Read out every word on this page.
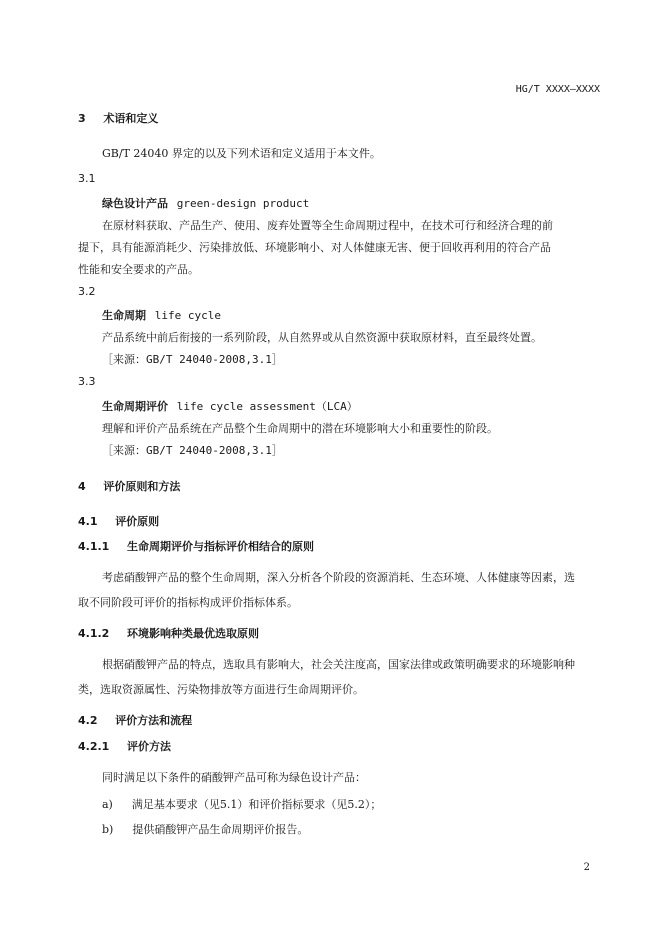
HG/T XXXX—XXXX
3 术语和定义
GB/T 24040 界定的以及下列术语和定义适用于本文件。
3.1
绿色设计产品 green-design product
在原材料获取、产品生产、使用、废弃处置等全生命周期过程中，在技术可行和经济合理的前
提下，具有能源消耗少、污染排放低、环境影响小、对人体健康无害、便于回收再利用的符合产品
性能和安全要求的产品。
3.2
生命周期 life cycle
产品系统中前后衔接的一系列阶段，从自然界或从自然资源中获取原材料，直至最终处置。
［来源：GB/T 24040-2008,3.1］
3.3
生命周期评价 life cycle assessment（LCA）
理解和评价产品系统在产品整个生命周期中的潜在环境影响大小和重要性的阶段。
［来源：GB/T 24040-2008,3.1］
4 评价原则和方法
4.1 评价原则
4.1.1 生命周期评价与指标评价相结合的原则
考虑硝酸钾产品的整个生命周期，深入分析各个阶段的资源消耗、生态环境、人体健康等因素，选
取不同阶段可评价的指标构成评价指标体系。
4.1.2 环境影响种类最优选取原则
根据硝酸钾产品的特点，选取具有影响大，社会关注度高，国家法律或政策明确要求的环境影响种
类，选取资源属性、污染物排放等方面进行生命周期评价。
4.2 评价方法和流程
4.2.1 评价方法
同时满足以下条件的硝酸钾产品可称为绿色设计产品：
a) 满足基本要求（见5.1）和评价指标要求（见5.2）；
b) 提供硝酸钾产品生命周期评价报告。
2
